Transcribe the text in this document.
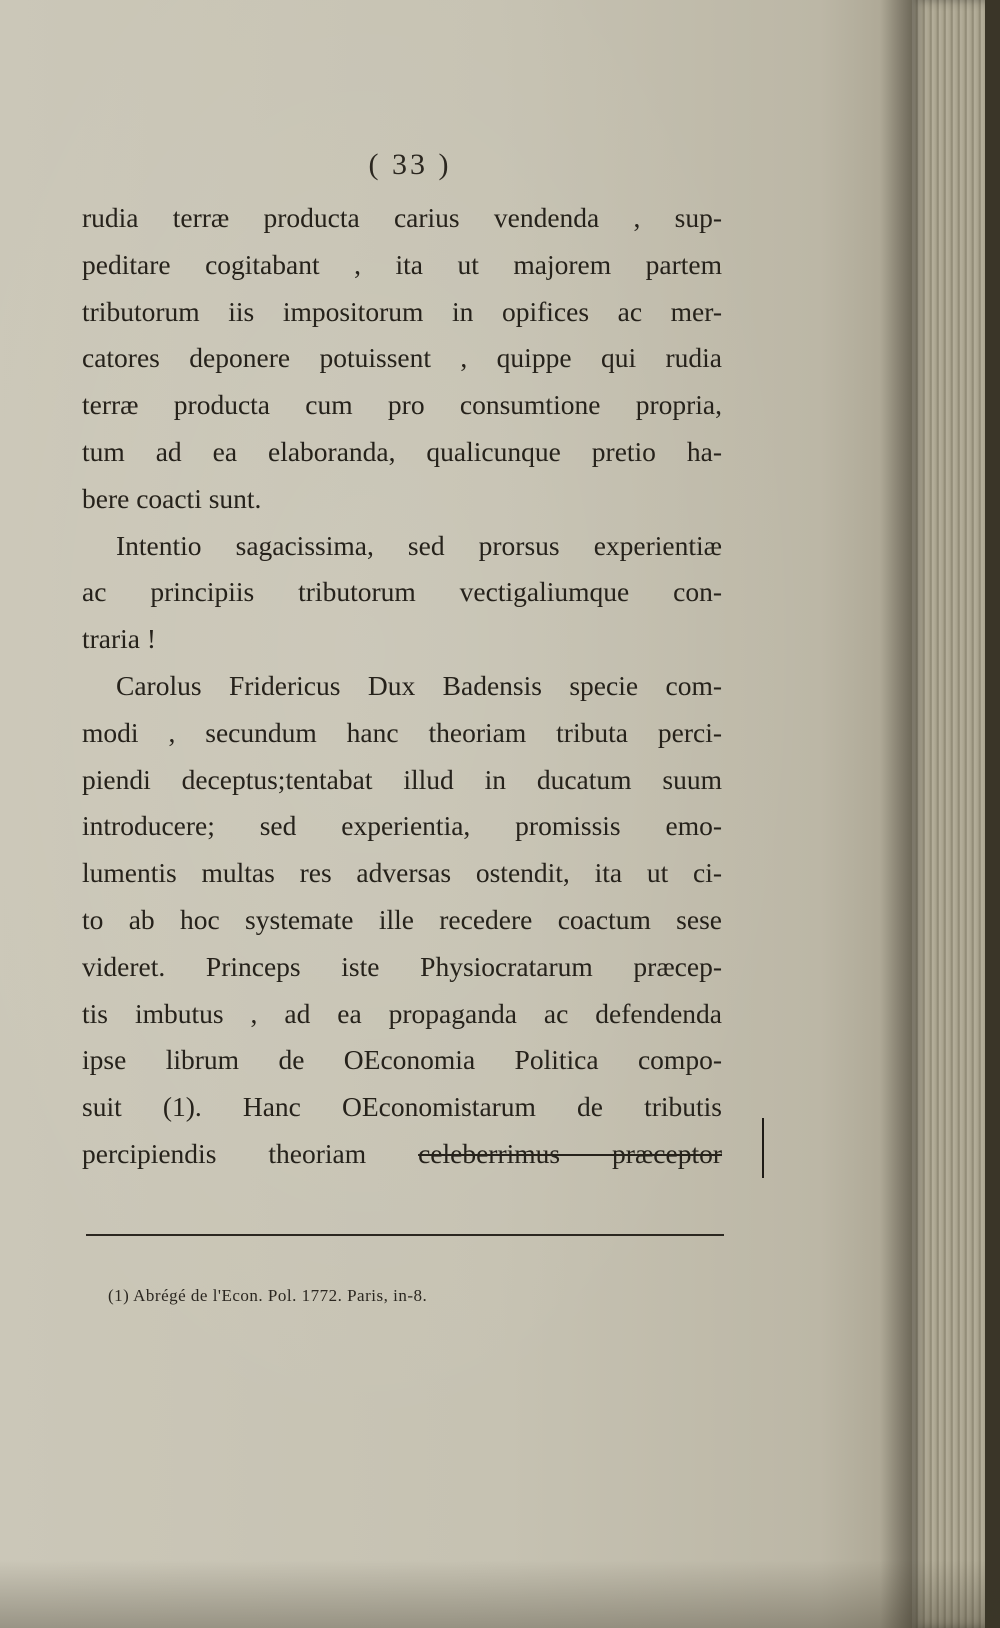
( 33 )

rudia terræ producta carius vendenda , sup-
peditare cogitabant , ita ut majorem partem
tributorum iis impositorum in opifices ac mer-
catores deponere potuissent , quippe qui rudia
terræ producta cum pro consumtione propria,
tum ad ea elaboranda, qualicunque pretio ha-
bere coacti sunt.

Intentio sagacissima, sed prorsus experientiæ
ac principiis tributorum vectigaliumque con-
traria !

Carolus Fridericus Dux Badensis specie com-
modi , secundum hanc theoriam tributa perci-
piendi deceptus;tentabat illud in ducatum suum
introducere; sed experientia, promissis emo-
lumentis multas res adversas ostendit, ita ut ci-
to ab hoc systemate ille recedere coactum sese
videret. Princeps iste Physiocratarum præcep-
tis imbutus , ad ea propaganda ac defendenda
ipse librum de OEconomia Politica compo-
suit (1). Hanc OEconomistarum de tributis
percipiendis theoriam celeberrimus præceptor

(1) Abrégé de l'Econ. Pol. 1772. Paris, in-8.
